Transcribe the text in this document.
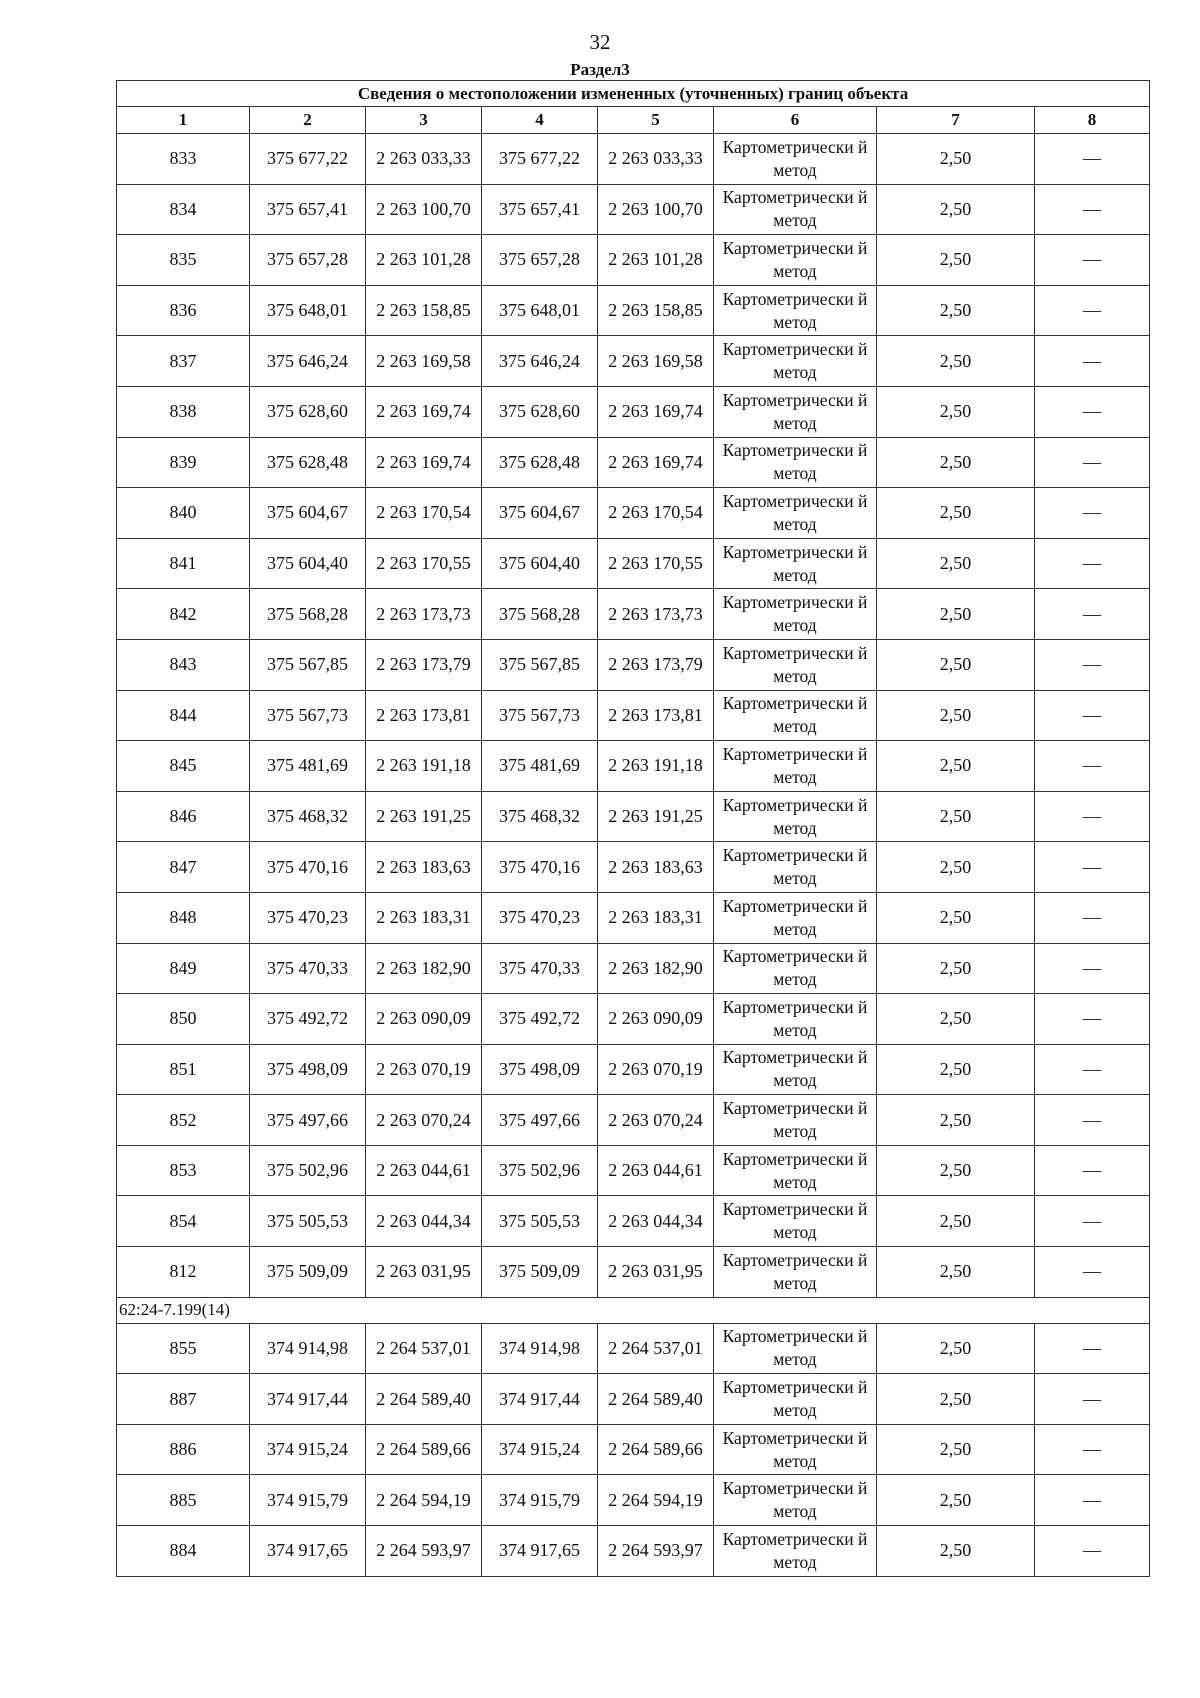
32
Раздел3
Сведения о местоположении измененных (уточненных) границ объекта							
1	2	3	4	5	6	7	8
833	375 677,22	2 263 033,33	375 677,22	2 263 033,33	Картометрически й метод	2,50	—
834	375 657,41	2 263 100,70	375 657,41	2 263 100,70	Картометрически й метод	2,50	—
835	375 657,28	2 263 101,28	375 657,28	2 263 101,28	Картометрически й метод	2,50	—
836	375 648,01	2 263 158,85	375 648,01	2 263 158,85	Картометрически й метод	2,50	—
837	375 646,24	2 263 169,58	375 646,24	2 263 169,58	Картометрически й метод	2,50	—
838	375 628,60	2 263 169,74	375 628,60	2 263 169,74	Картометрически й метод	2,50	—
839	375 628,48	2 263 169,74	375 628,48	2 263 169,74	Картометрически й метод	2,50	—
840	375 604,67	2 263 170,54	375 604,67	2 263 170,54	Картометрически й метод	2,50	—
841	375 604,40	2 263 170,55	375 604,40	2 263 170,55	Картометрически й метод	2,50	—
842	375 568,28	2 263 173,73	375 568,28	2 263 173,73	Картометрически й метод	2,50	—
843	375 567,85	2 263 173,79	375 567,85	2 263 173,79	Картометрически й метод	2,50	—
844	375 567,73	2 263 173,81	375 567,73	2 263 173,81	Картометрически й метод	2,50	—
845	375 481,69	2 263 191,18	375 481,69	2 263 191,18	Картометрически й метод	2,50	—
846	375 468,32	2 263 191,25	375 468,32	2 263 191,25	Картометрически й метод	2,50	—
847	375 470,16	2 263 183,63	375 470,16	2 263 183,63	Картометрически й метод	2,50	—
848	375 470,23	2 263 183,31	375 470,23	2 263 183,31	Картометрически й метод	2,50	—
849	375 470,33	2 263 182,90	375 470,33	2 263 182,90	Картометрически й метод	2,50	—
850	375 492,72	2 263 090,09	375 492,72	2 263 090,09	Картометрически й метод	2,50	—
851	375 498,09	2 263 070,19	375 498,09	2 263 070,19	Картометрически й метод	2,50	—
852	375 497,66	2 263 070,24	375 497,66	2 263 070,24	Картометрически й метод	2,50	—
853	375 502,96	2 263 044,61	375 502,96	2 263 044,61	Картометрически й метод	2,50	—
854	375 505,53	2 263 044,34	375 505,53	2 263 044,34	Картометрически й метод	2,50	—
812	375 509,09	2 263 031,95	375 509,09	2 263 031,95	Картометрически й метод	2,50	—
62:24-7.199(14)							
855	374 914,98	2 264 537,01	374 914,98	2 264 537,01	Картометрически й метод	2,50	—
887	374 917,44	2 264 589,40	374 917,44	2 264 589,40	Картометрически й метод	2,50	—
886	374 915,24	2 264 589,66	374 915,24	2 264 589,66	Картометрически й метод	2,50	—
885	374 915,79	2 264 594,19	374 915,79	2 264 594,19	Картометрически й метод	2,50	—
884	374 917,65	2 264 593,97	374 917,65	2 264 593,97	Картометрически й метод	2,50	—
